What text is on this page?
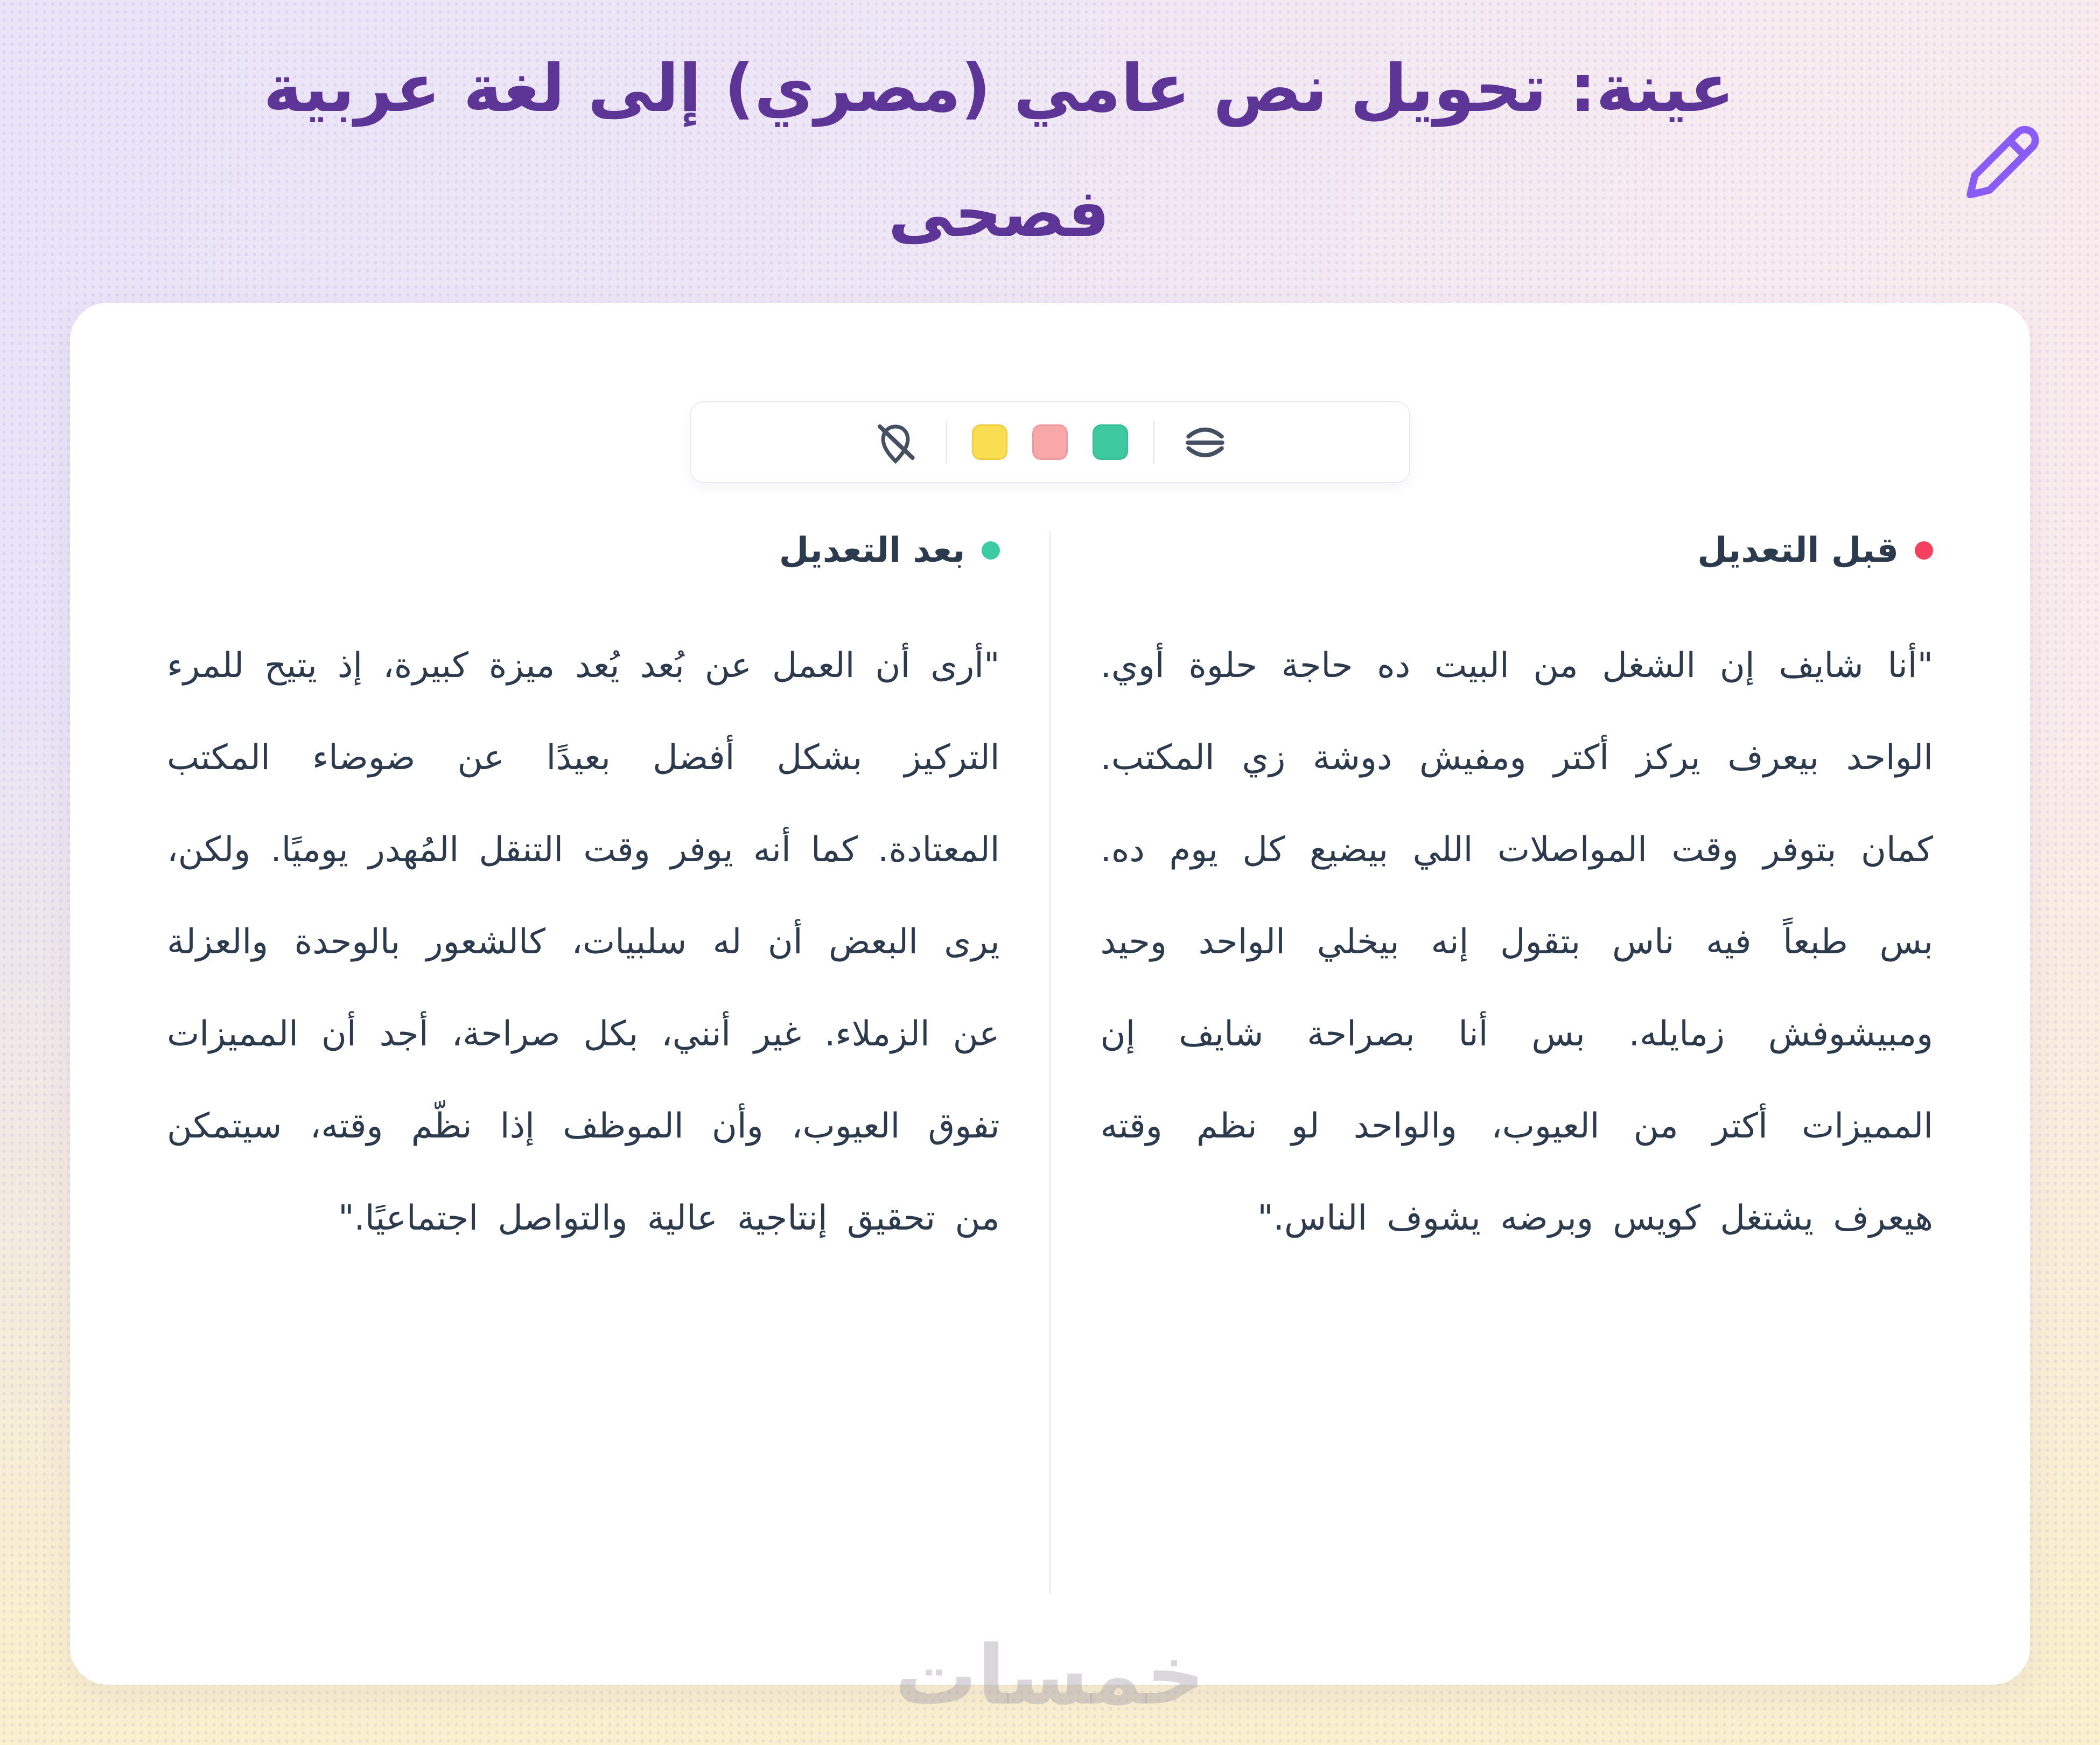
عينة: تحويل نص عامي (مصري) إلى لغة عربية
فصحى
قبل التعديل

"أنا شايف إن الشغل من البيت ده حاجة حلوة أوي. الواحد بيعرف يركز أكتر ومفيش دوشة زي المكتب. كمان بتوفر وقت المواصلات اللي بيضيع كل يوم ده. بس طبعاً فيه ناس بتقول إنه بيخلي الواحد وحيد ومبيشوفش زمايله. بس أنا بصراحة شايف إن المميزات أكتر من العيوب، والواحد لو نظم وقته هيعرف يشتغل كويس وبرضه يشوف الناس."

بعد التعديل

"أرى أن العمل عن بُعد يُعد ميزة كبيرة، إذ يتيح للمرء التركيز بشكل أفضل بعيدًا عن ضوضاء المكتب المعتادة. كما أنه يوفر وقت التنقل المُهدر يوميًا. ولكن، يرى البعض أن له سلبيات، كالشعور بالوحدة والعزلة عن الزملاء. غير أنني، بكل صراحة، أجد أن المميزات تفوق العيوب، وأن الموظف إذا نظّم وقته، سيتمكن من تحقيق إنتاجية عالية والتواصل اجتماعيًا."

خمسات
